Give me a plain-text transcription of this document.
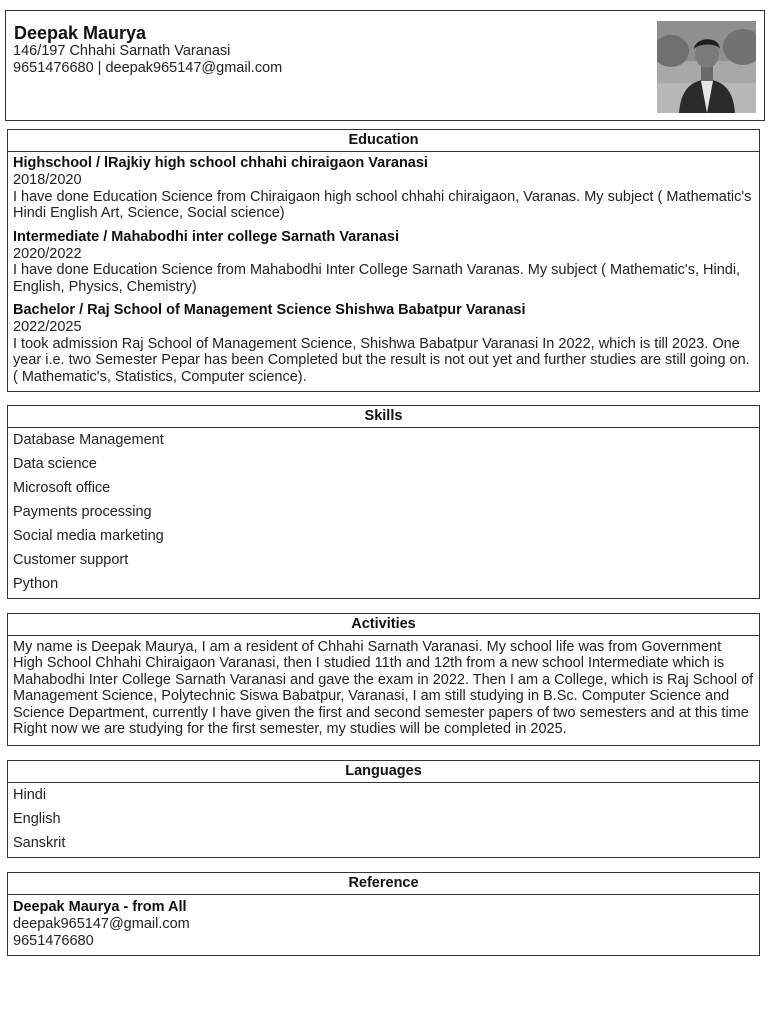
Deepak Maurya
146/197 Chhahi Sarnath Varanasi
9651476680 | deepak965147@gmail.com
Education
Highschool / lRajkiy high school chhahi chiraigaon Varanasi
2018/2020
I have done Education Science from Chiraigaon high school chhahi chiraigaon, Varanas. My subject ( Mathematic's Hindi English Art, Science, Social science)
Intermediate / Mahabodhi inter college Sarnath Varanasi
2020/2022
I have done Education Science from Mahabodhi Inter College Sarnath Varanas. My subject ( Mathematic's, Hindi, English, Physics, Chemistry)
Bachelor / Raj School of Management Science Shishwa Babatpur Varanasi
2022/2025
I took admission Raj School of Management Science, Shishwa Babatpur Varanasi In 2022, which is till 2023. One year i.e. two Semester Pepar has been Completed but the result is not out yet and further studies are still going on.( Mathematic's, Statistics, Computer science).
Skills
Database Management
Data science
Microsoft office
Payments processing
Social media marketing
Customer support
Python
Activities
My name is Deepak Maurya, I am a resident of Chhahi Sarnath Varanasi. My school life was from Government High School Chhahi Chiraigaon Varanasi, then I studied 11th and 12th from a new school Intermediate which is Mahabodhi Inter College Sarnath Varanasi and gave the exam in 2022. Then I am a College, which is Raj School of Management Science, Polytechnic Siswa Babatpur, Varanasi, I am still studying in B.Sc. Computer Science and Science Department, currently I have given the first and second semester papers of two semesters and at this time Right now we are studying for the first semester, my studies will be completed in 2025.
Languages
Hindi
English
Sanskrit
Reference
Deepak Maurya - from All
deepak965147@gmail.com
9651476680
